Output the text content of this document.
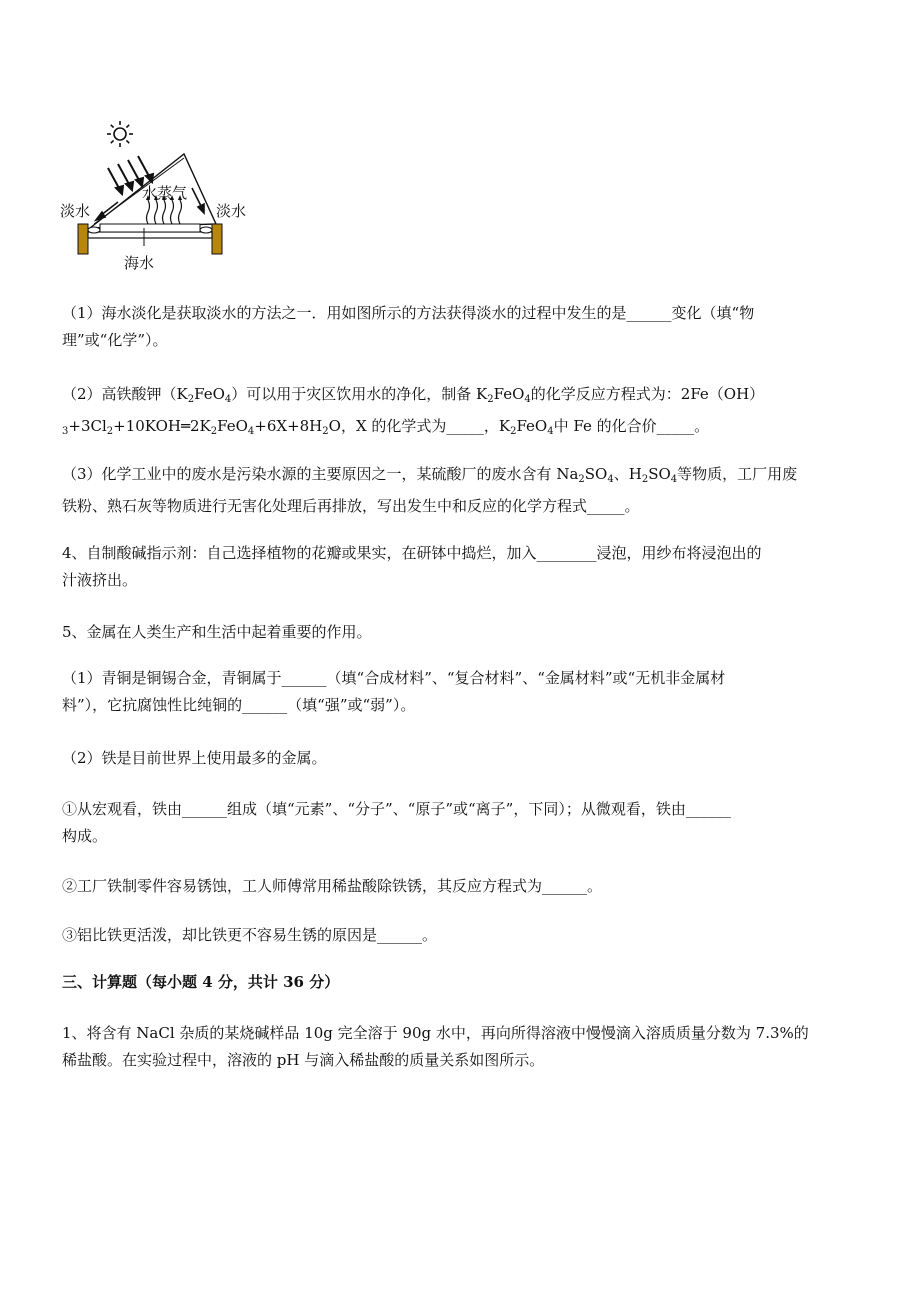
淡水	淡水
水蒸气
海水

（1）海水淡化是获取淡水的方法之一．用如图所示的方法获得淡水的过程中发生的是______变化（填“物
理”或“化学”）。

（2）高铁酸钾$(K_2FeO_4)$可以用于灾区饮用水的净化，制备 $K_2FeO_4$的化学反应方程式为：2Fe（OH）
$_3+3Cl_2+10KOH═2K_2FeO_4+6X+8H_2O$，X 的化学式为_____，$K_2FeO_4$中 Fe 的化合价_____。

（3）化学工业中的废水是污染水源的主要原因之一，某硫酸厂的废水含有 $Na_2SO_4$、$H_2SO_4$等物质，工厂用废
铁粉、熟石灰等物质进行无害化处理后再排放，写出发生中和反应的化学方程式_____。

4、自制酸碱指示剂：自己选择植物的花瓣或果实，在研钵中捣烂，加入________浸泡，用纱布将浸泡出的
汁液挤出。

5、金属在人类生产和生活中起着重要的作用。

（1）青铜是铜锡合金，青铜属于______（填“合成材料”、“复合材料”、“金属材料”或“无机非金属材
料”），它抗腐蚀性比纯铜的______（填“强”或“弱”）。

（2）铁是目前世界上使用最多的金属。

①从宏观看，铁由______组成（填“元素”、“分子”、“原子”或“离子”，下同）；从微观看，铁由______
构成。

②工厂铁制零件容易锈蚀，工人师傅常用稀盐酸除铁锈，其反应方程式为______。

③铝比铁更活泼，却比铁更不容易生锈的原因是______。

三、计算题（每小题 4 分，共计 36 分）

1、将含有 NaCl 杂质的某烧碱样品 10g 完全溶于 90g 水中，再向所得溶液中慢慢滴入溶质质量分数为 7.3%的
稀盐酸。在实验过程中，溶液的 pH 与滴入稀盐酸的质量关系如图所示。
